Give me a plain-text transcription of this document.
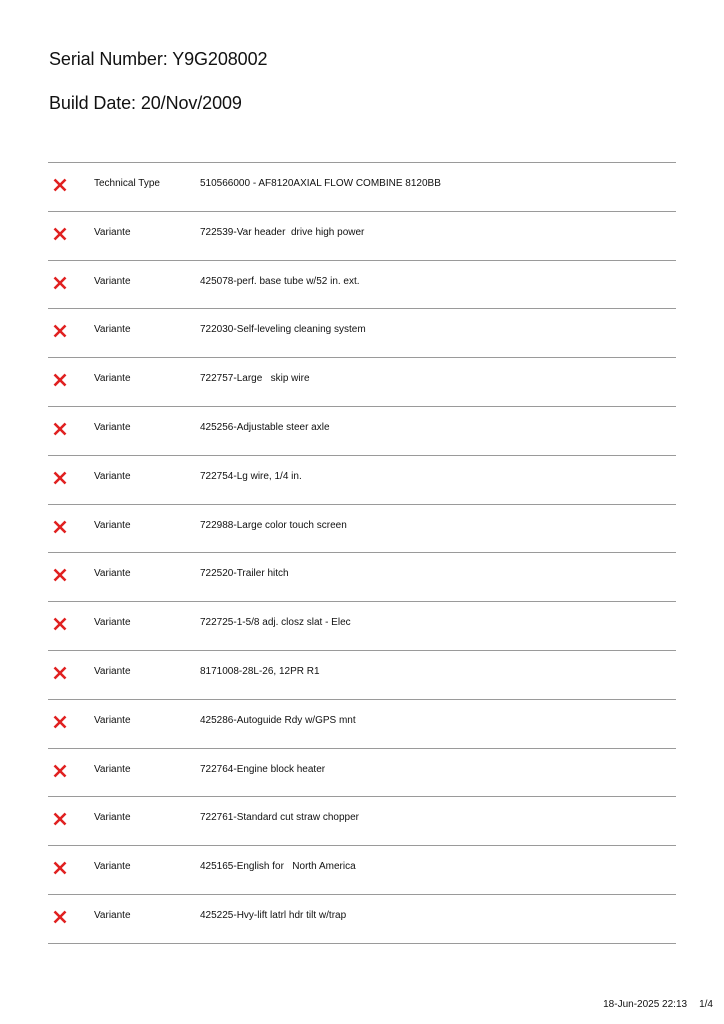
Serial Number: Y9G208002
Build Date: 20/Nov/2009
Technical Type	510566000 - AF8120AXIAL FLOW COMBINE 8120BB
Variante	722539-Var header  drive high power
Variante	425078-perf. base tube w/52 in. ext.
Variante	722030-Self-leveling cleaning system
Variante	722757-Large   skip wire
Variante	425256-Adjustable steer axle
Variante	722754-Lg wire, 1/4 in.
Variante	722988-Large color touch screen
Variante	722520-Trailer hitch
Variante	722725-1-5/8 adj. closz slat - Elec
Variante	8171008-28L-26, 12PR R1
Variante	425286-Autoguide Rdy w/GPS mnt
Variante	722764-Engine block heater
Variante	722761-Standard cut straw chopper
Variante	425165-English for   North America
Variante	425225-Hvy-lift latrl hdr tilt w/trap

18-Jun-2025 22:13 1/4
